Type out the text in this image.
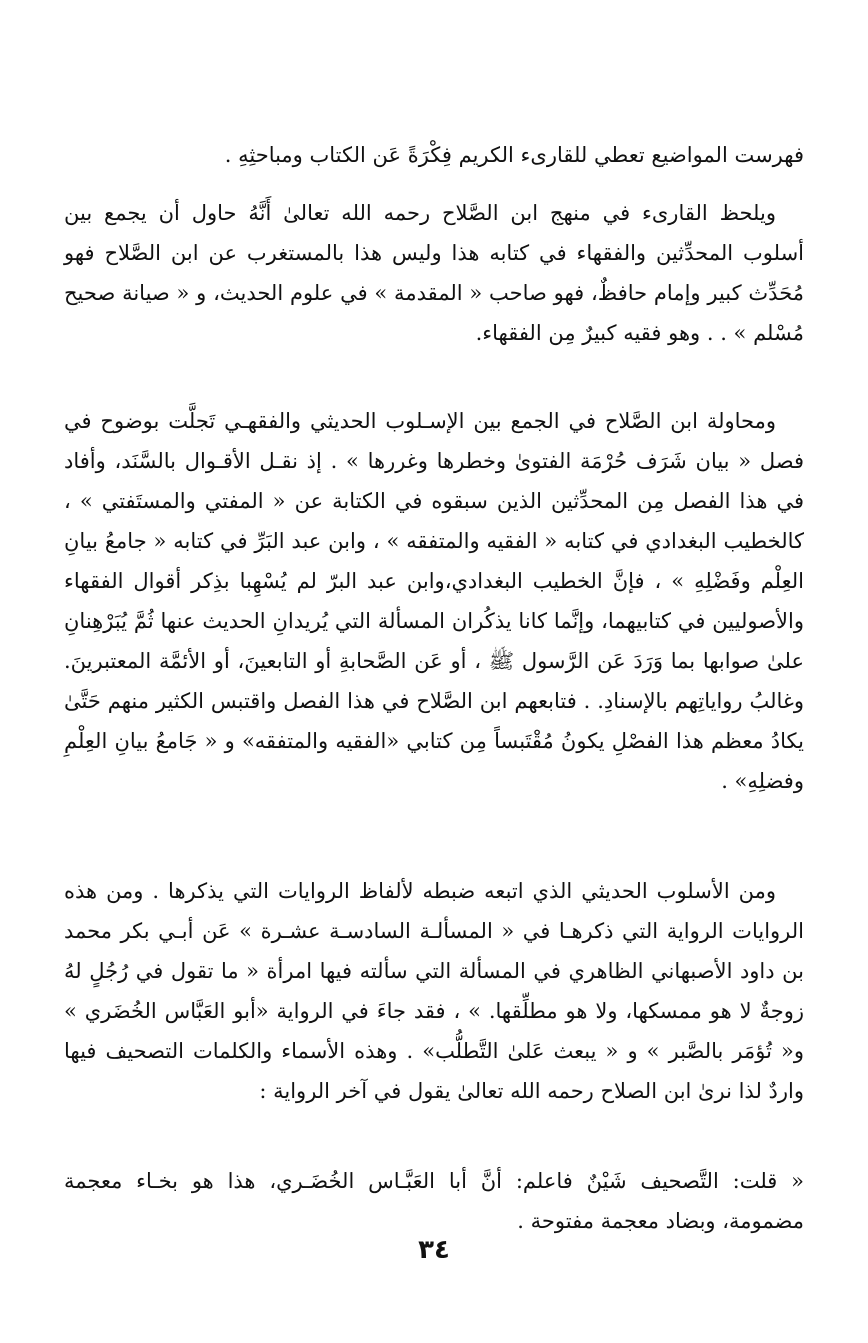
فهرست المواضيع تعطي للقارىء الكريم فِكْرَةً عَن الكتاب ومباحثِهِ .

ويلحظ القارىء في منهج ابن الصَّلاح رحمه الله تعالىٰ أَنَّهُ حاول أن يجمع بين أسلوب المحدِّثين والفقهاء في كتابه هذا وليس هذا بالمستغرب عن ابن الصَّلاح فهو مُحَدِّث كبير وإمام حافظٌ، فهو صاحب « المقدمة » في علوم الحديث، و « صيانة صحيح مُسْلم » . . وهو فقيه كبيرٌ مِن الفقهاء.

ومحاولة ابن الصَّلاح في الجمع بين الإسـلوب الحديثي والفقهـي تَجلَّت بوضوح في فصل « بيان شَرَف حُرْمَة الفتوىٰ وخطرها وغررها » . إذ نقـل الأقـوال بالسَّنَد، وأفاد في هذا الفصل مِن المحدِّثين الذين سبقوه في الكتابة عن « المفتي والمستَفتي » ، كالخطيب البغدادي في كتابه « الفقيه والمتفقه » ، وابن عبد البَرِّ في كتابه « جامعُ بيانِ العِلْم وفَضْلِهِ » ، فإنَّ الخطيب البغدادي،وابن عبد البرّ لم يُسْهِبا بذِكر أقوال الفقهاء والأصوليين في كتابيهما، وإنَّما كانا يذكُران المسألة التي يُريدانِ الحديث عنها ثُمَّ يُبَرْهِنانِ علىٰ صوابها بما وَرَدَ عَن الرَّسول ﷺ ، أو عَن الصَّحابةِ أو التابعينَ، أو الأئمَّة المعتبرينَ. وغالبُ رواياتِهم بالإسنادِ. . فتابعهم ابن الصَّلاح في هذا الفصل واقتبس الكثير منهم حَتَّىٰ يكادُ معظم هذا الفصْلِ يكونُ مُقْتَبساً مِن كتابي «الفقيه والمتفقه» و « جَامعُ بيانِ العِلْمِ وفضلِهِ» .

ومن الأسلوب الحديثي الذي اتبعه ضبطه لألفاظ الروايات التي يذكرها . ومن هذه الروايات الرواية التي ذكرهـا في « المسألـة السادسـة عشـرة » عَن أبـي بكر محمد بن داود الأصبهاني الظاهري في المسألة التي سألته فيها امرأة « ما تقول في رُجُلٍ لهُ زوجةٌ لا هو ممسكها، ولا هو مطلِّقها. » ، فقد جاءَ في الرواية «أبو العَبَّاس الخُضَري » و« تُؤمَر بالصَّبر » و « يبعث عَلىٰ التَّطلُّب» . وهذه الأسماء والكلمات التصحيف فيها واردٌ لذا نرىٰ ابن الصلاح رحمه الله تعالىٰ يقول في آخر الرواية :

« قلت: التَّصحيف شَيْنٌ فاعلم: أنَّ أبا العَبَّـاس الخُضَـري، هذا هو بخـاء معجمة مضمومة، وبضاد معجمة مفتوحة .

٣٤
